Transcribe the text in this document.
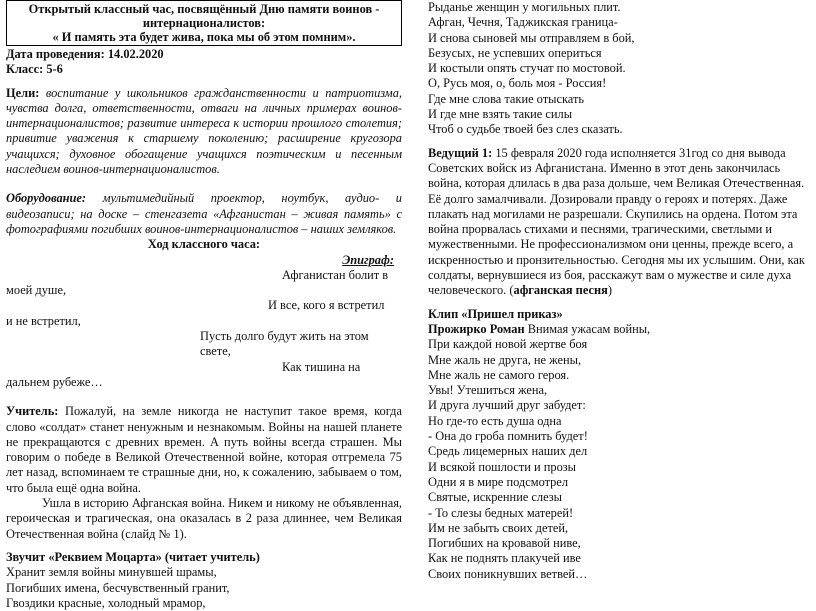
Открытый классный час, посвящённый Дню памяти воинов - интернационалистов:
« И память эта будет жива, пока мы об этом помним».

Дата проведения: 14.02.2020

Класс: 5-6

Цели: воспитание у школьников гражданственности и патриотизма, чувства долга, ответственности, отваги на личных примерах воинов-интернационалистов; развитие интереса к истории прошлого столетия; привитие уважения к старшему поколению; расширение кругозора учащихся; духовное обогащение учащихся поэтическим и песенным наследием воинов-интернационалистов.

Оборудование: мультимедийный проектор, ноутбук, аудио- и видеозаписи; на доске – стенгазета «Афганистан – живая память» с фотографиями погибших воинов-интернационалистов – наших земляков.

Ход классного часа:

Эпиграф:

Афганистан болит в

моей душе,

И все, кого я встретил

и не встретил,

Пусть долго будут жить на этом свете,

Как тишина на

дальнем рубеже…

Учитель: Пожалуй, на земле никогда не наступит такое время, когда слово «солдат» станет ненужным и незнакомым. Войны на нашей планете не прекращаются с древних времен. А путь войны всегда страшен. Мы говорим о победе в Великой Отечественной войне, которая отгремела 75 лет назад, вспоминаем те страшные дни, но, к сожалению, забываем о том, что была ещё одна война.

Ушла в историю Афганская война. Никем и никому не объявленная, героическая и трагическая, она оказалась в 2 раза длиннее, чем Великая Отечественная война (слайд № 1).

Звучит «Реквием Моцарта» (читает учитель)

Хранит земля войны минувшей шрамы,

Погибших имена, бесчувственный гранит,

Гвоздики красные, холодный мрамор,

Рыданье женщин у могильных плит.

Афган, Чечня, Таджикская граница-

И снова сыновей мы отправляем в бой,

Безусых, не успевших опериться

И костыли опять стучат по мостовой.

О, Русь моя, о, боль моя - Россия!

Где мне слова такие отыскать

И где мне взять такие силы

Чтоб о судьбе твоей без слез сказать.

Ведущий 1: 15 февраля 2020 года исполняется 31год со дня вывода Советских войск из Афганистана. Именно в этот день закончилась война, которая длилась в два раза дольше, чем Великая Отечественная. Её долго замалчивали. Дозировали правду о героях и потерях. Даже плакать над могилами не разрешали. Скупились на ордена. Потом эта война прорвалась стихами и песнями, трагическими, светлыми и мужественными. Не профессионализмом они ценны, прежде всего, а искренностью и пронзительностью. Сегодня мы их услышим. Они, как солдаты, вернувшиеся из боя, расскажут вам о мужестве и силе духа человеческого. (афганская песня)

Клип «Пришел приказ»

Прожирко Роман Внимая ужасам войны,

При каждой новой жертве боя

Мне жаль не друга, не жены,

Мне жаль не самого героя.

Увы! Утешиться жена,

И друга лучший друг забудет:

Но где-то есть душа одна

- Она до гроба помнить будет!

Средь лицемерных наших дел

И всякой пошлости и прозы

Одни я в мире подсмотрел

Святые, искренние слезы

- То слезы бедных матерей!

Им не забыть своих детей,

Погибших на кровавой ниве,

Как не поднять плакучей иве

Своих поникнувших ветвей…
